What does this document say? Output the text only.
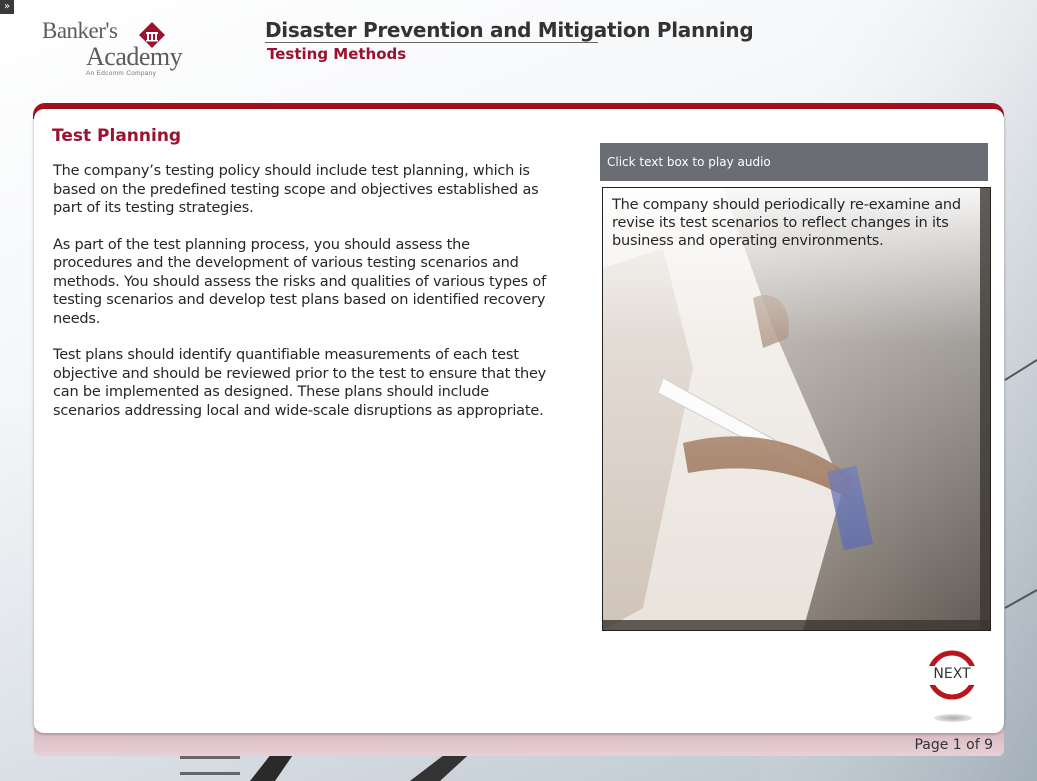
»
Banker's
Academy
An Edcomm Company
Disaster Prevention and Mitigation Planning
Testing Methods
Test Planning

The company’s testing policy should include test planning, which is based on the predefined testing scope and objectives established as part of its testing strategies.

As part of the test planning process, you should assess the procedures and the development of various testing scenarios and methods. You should assess the risks and qualities of various types of testing scenarios and develop test plans based on identified recovery needs.

Test plans should identify quantifiable measurements of each test objective and should be reviewed prior to the test to ensure that they can be implemented as designed. These plans should include scenarios addressing local and wide-scale disruptions as appropriate.

Click text box to play audio
The company should periodically re-examine and revise its test scenarios to reflect changes in its business and operating environments.
NEXT
Page 1 of 9
